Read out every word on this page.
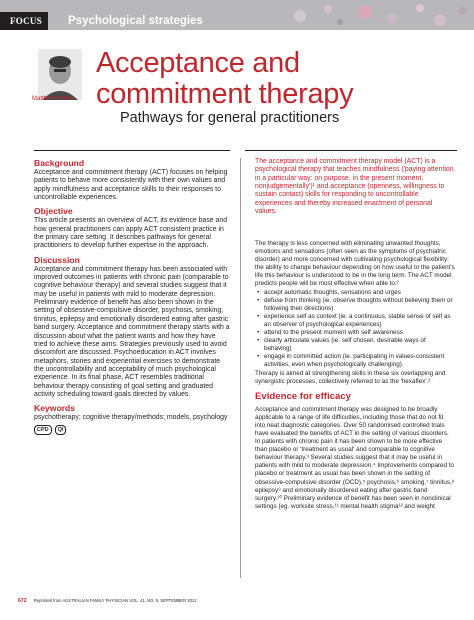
FOCUS	Psychological strategies
Matthew Smout
Acceptance and
commitment therapy
Pathways for general practitioners
Background
Acceptance and commitment therapy (ACT) focuses on helping patients to behave more consistently with their own values and apply mindfulness and acceptance skills to their responses to uncontrollable experiences.
Objective
This article presents an overview of ACT, its evidence base and how general practitioners can apply ACT consistent practice in the primary care setting. It describes pathways for general practitioners to develop further expertise in the approach.
Discussion
Acceptance and commitment therapy has been associated with improved outcomes in patients with chronic pain (comparable to cognitive behaviour therapy) and several studies suggest that it may be useful in patients with mild to moderate depression. Preliminary evidence of benefit has also been shown in the setting of obsessive-compulsive disorder, psychosis, smoking, tinnitus, epilepsy and emotionally disordered eating after gastric band surgery. Acceptance and commitment therapy starts with a discussion about what the patient wants and how they have tried to achieve these aims. Strategies previously used to avoid discomfort are discussed. Psychoeducation in ACT involves metaphors, stories and experiential exercises to demonstrate the uncontrollability and acceptability of much psychological experience. In its final phase, ACT resembles traditional behaviour therapy consisting of goal setting and graduated activity scheduling toward goals directed by values.
Keywords
psychotherapy; cognitive therapy/methods; models, psychology
CPD	QI
The acceptance and commitment therapy model (ACT) is a psychological therapy that teaches mindfulness ('paying attention in a particular way: on purpose, in the present moment, nonjudgementally')¹ and acceptance (openness, willingness to sustain contact) skills for responding to uncontrollable experiences and thereby increased enactment of personal values.

The therapy is less concerned with eliminating unwanted thoughts, emotions and sensations (often seen as the symptoms of psychiatric disorder) and more concerned with cultivating psychological flexibility: the ability to change behaviour depending on how useful to the patient's life this behaviour is understood to be in the long term. The ACT model predicts people will be most effective when able to:²

• accept automatic thoughts, sensations and urges
• defuse from thinking (ie. observe thoughts without believing them or following their directions)
• experience self as context (ie. a continuous, stable sense of self as an observer of psychological experiences)
• attend to the present moment with self awareness
• clearly articulate values (ie. self chosen, desirable ways of behaving)
• engage in committed action (ie. participating in values-consistent activities, even when psychologically challenging).

Therapy is aimed at strengthening skills in these six overlapping and synergistic processes, collectively referred to as the 'hexaflex'.²

Evidence for efficacy

Acceptance and commitment therapy was designed to be broadly applicable to a range of life difficulties, including those that do not fit into neat diagnostic categories. Over 50 randomised controlled trials have evaluated the benefits of ACT in the setting of various disorders. In patients with chronic pain it has been shown to be more effective than placebo or 'treatment as usual' and comparable to cognitive behaviour therapy.³ Several studies suggest that it may be useful in patients with mild to moderate depression.⁴ Improvements compared to placebo or treatment as usual has been shown in the setting of obsessive-compulsive disorder (OCD),⁵ psychosis,⁶ smoking,⁷ tinnitus,⁸ epilepsy⁹ and emotionally disordered eating after gastric band surgery.¹⁰ Preliminary evidence of benefit has been seen in nonclinical settings (eg. worksite stress,¹¹ mental health stigma¹² and weight

672 Reprinted from AUSTRALIAN FAMILY PHYSICIAN VOL. 41, NO. 9, SEPTEMBER 2012
